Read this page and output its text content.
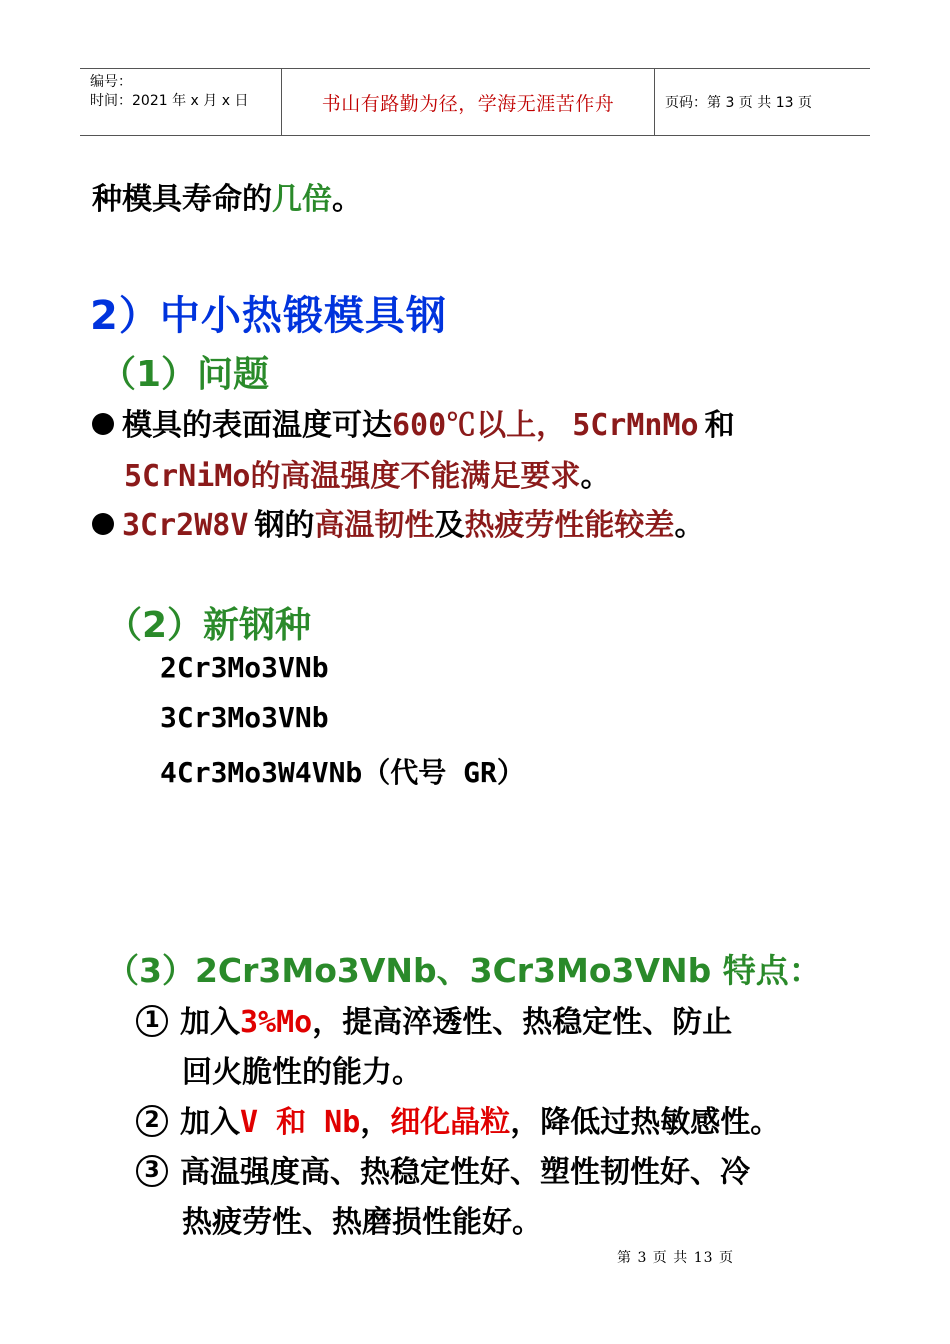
编号：
时间：2021 年 x 月 x 日	书山有路勤为径，学海无涯苦作舟	页码：第 3 页 共 13 页
种模具寿命的几倍。
2）中小热锻模具钢
（1）问题
模具的表面温度可达600℃以上， 5CrMnMo 和
5CrNiMo的高温强度不能满足要求。
3Cr2W8V 钢的高温韧性及热疲劳性能较差。
（2）新钢种
2Cr3Mo3VNb
3Cr3Mo3VNb
4Cr3Mo3W4VNb（代号 GR）
（3）2Cr3Mo3VNb、3Cr3Mo3VNb 特点：
1 加入3%Mo，提高淬透性、热稳定性、防止
回火脆性的能力。
2 加入V 和 Nb，细化晶粒，降低过热敏感性。
3 高温强度高、热稳定性好、塑性韧性好、冷
热疲劳性、热磨损性能好。
第 3 页 共 13 页
